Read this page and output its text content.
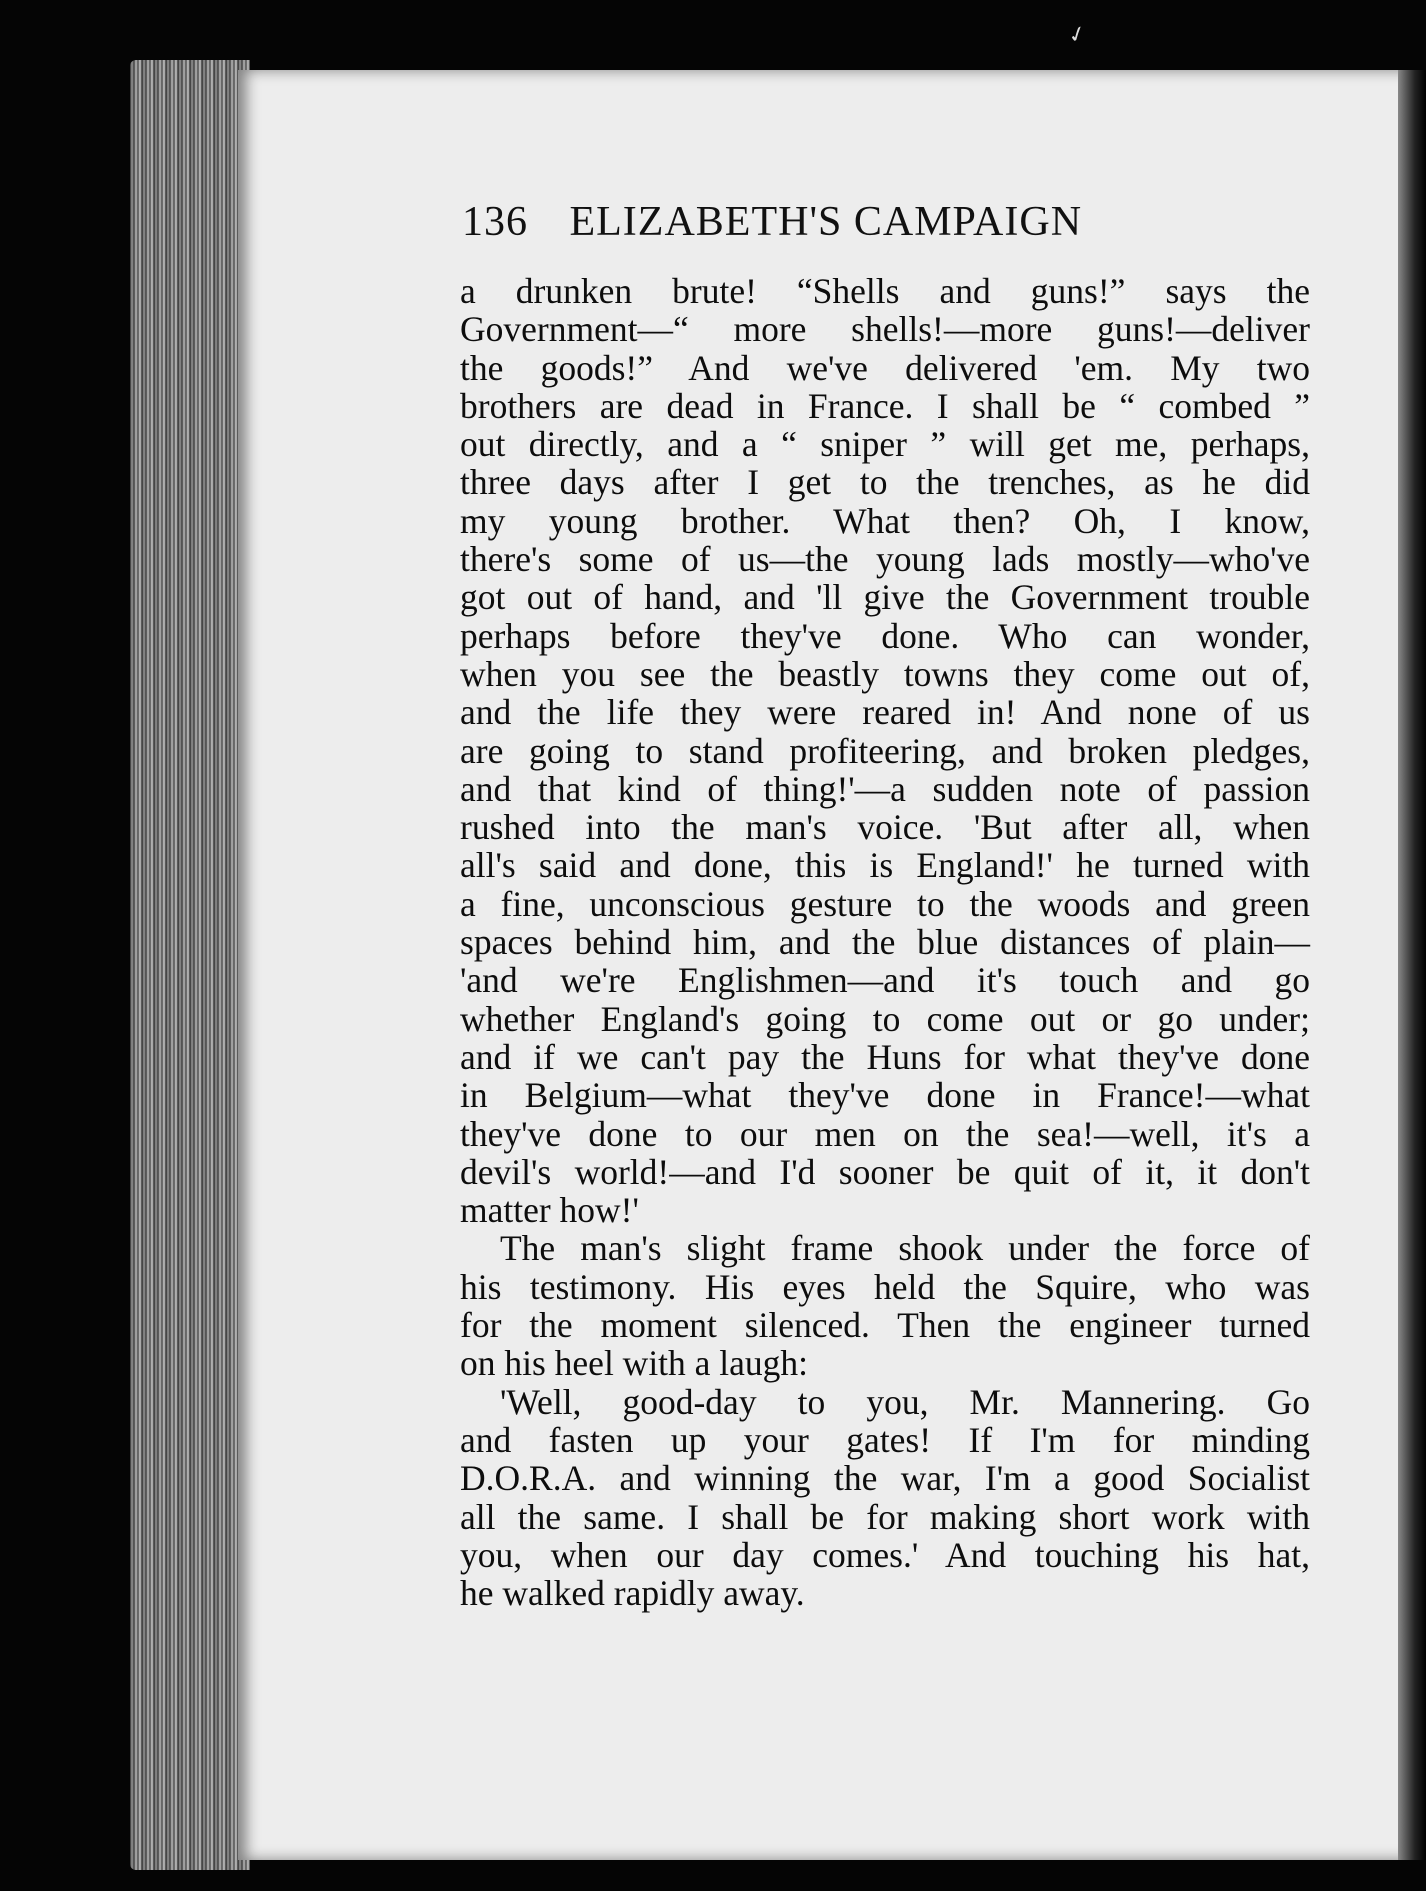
✓
136 ELIZABETH'S CAMPAIGN
a drunken brute! “Shells and guns!” says the
Government—“ more shells!—more guns!—deliver
the goods!” And we've delivered 'em. My two
brothers are dead in France. I shall be “ combed ”
out directly, and a “ sniper ” will get me, perhaps,
three days after I get to the trenches, as he did
my young brother. What then? Oh, I know,
there's some of us—the young lads mostly—who've
got out of hand, and 'll give the Government trouble
perhaps before they've done. Who can wonder,
when you see the beastly towns they come out of,
and the life they were reared in! And none of us
are going to stand profiteering, and broken pledges,
and that kind of thing!'—a sudden note of passion
rushed into the man's voice. 'But after all, when
all's said and done, this is England!' he turned with
a fine, unconscious gesture to the woods and green
spaces behind him, and the blue distances of plain—
'and we're Englishmen—and it's touch and go
whether England's going to come out or go under;
and if we can't pay the Huns for what they've done
in Belgium—what they've done in France!—what
they've done to our men on the sea!—well, it's a
devil's world!—and I'd sooner be quit of it, it don't
matter how!'
The man's slight frame shook under the force of
his testimony. His eyes held the Squire, who was
for the moment silenced. Then the engineer turned
on his heel with a laugh:
'Well, good-day to you, Mr. Mannering. Go
and fasten up your gates! If I'm for minding
D.O.R.A. and winning the war, I'm a good Socialist
all the same. I shall be for making short work with
you, when our day comes.' And touching his hat,
he walked rapidly away.
